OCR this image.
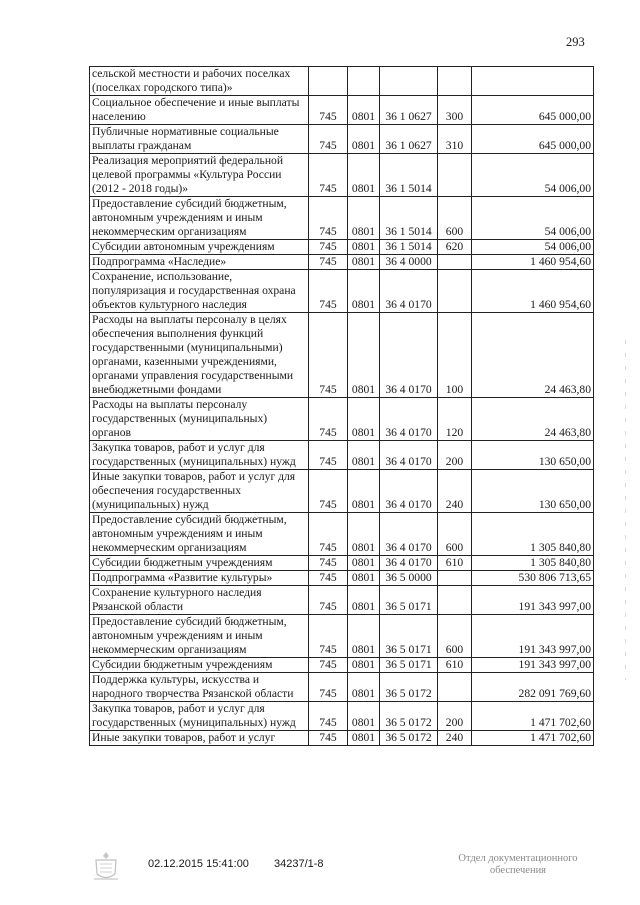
293
сельской местности и рабочих поселках (поселках городского типа)»					
Социальное обеспечение и иные выплаты населению	745	0801	36 1 0627	300	645 000,00
Публичные нормативные социальные выплаты гражданам	745	0801	36 1 0627	310	645 000,00
Реализация мероприятий федеральной целевой программы «Культура России (2012 - 2018 годы)»	745	0801	36 1 5014		54 006,00
Предоставление субсидий бюджетным, автономным учреждениям и иным некоммерческим организациям	745	0801	36 1 5014	600	54 006,00
Субсидии автономным учреждениям	745	0801	36 1 5014	620	54 006,00
Подпрограмма «Наследие»	745	0801	36 4 0000		1 460 954,60
Сохранение, использование, популяризация и государственная охрана объектов культурного наследия	745	0801	36 4 0170		1 460 954,60
Расходы на выплаты персоналу в целях обеспечения выполнения функций государственными (муниципальными) органами, казенными учреждениями, органами управления государственными внебюджетными фондами	745	0801	36 4 0170	100	24 463,80
Расходы на выплаты персоналу государственных (муниципальных) органов	745	0801	36 4 0170	120	24 463,80
Закупка товаров, работ и услуг для государственных (муниципальных) нужд	745	0801	36 4 0170	200	130 650,00
Иные закупки товаров, работ и услуг для обеспечения государственных (муниципальных) нужд	745	0801	36 4 0170	240	130 650,00
Предоставление субсидий бюджетным, автономным учреждениям и иным некоммерческим организациям	745	0801	36 4 0170	600	1 305 840,80
Субсидии бюджетным учреждениям	745	0801	36 4 0170	610	1 305 840,80
Подпрограмма «Развитие культуры»	745	0801	36 5 0000		530 806 713,65
Сохранение культурного наследия Рязанской области	745	0801	36 5 0171		191 343 997,00
Предоставление субсидий бюджетным, автономным учреждениям и иным некоммерческим организациям	745	0801	36 5 0171	600	191 343 997,00
Субсидии бюджетным учреждениям	745	0801	36 5 0171	610	191 343 997,00
Поддержка культуры, искусства и народного творчества Рязанской области	745	0801	36 5 0172		282 091 769,60
Закупка товаров, работ и услуг для государственных (муниципальных) нужд	745	0801	36 5 0172	200	1 471 702,60
Иные закупки товаров, работ и услуг	745	0801	36 5 0172	240	1 471 702,60
02.12.2015 15:41:00 34237/1-8	Отдел документационного обеспечения
